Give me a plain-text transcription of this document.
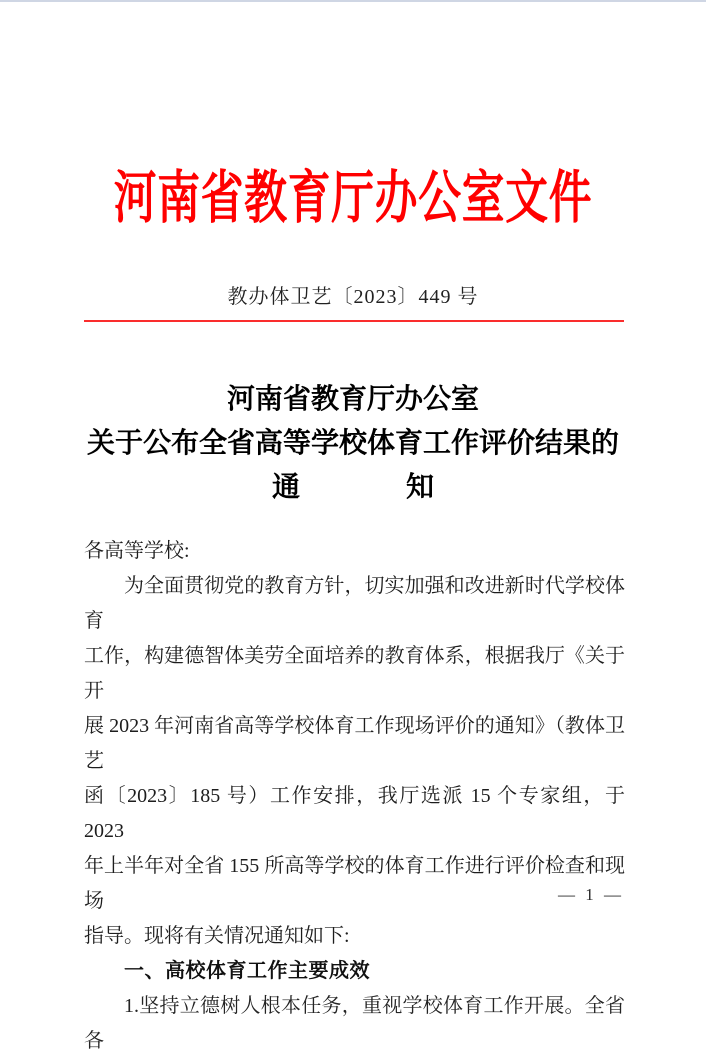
河南省教育厅办公室文件
教办体卫艺〔2023〕449 号
河南省教育厅办公室
关于公布全省高等学校体育工作评价结果的
通	知
各高等学校:
为全面贯彻党的教育方针，切实加强和改进新时代学校体育
工作，构建德智体美劳全面培养的教育体系，根据我厅《关于开
展 2023 年河南省高等学校体育工作现场评价的通知》（教体卫艺
函〔2023〕185 号）工作安排，我厅选派 15 个专家组，于 2023
年上半年对全省 155 所高等学校的体育工作进行评价检查和现场
指导。现将有关情况通知如下:
一、高校体育工作主要成效
1.坚持立德树人根本任务，重视学校体育工作开展。全省各
— 1 —
